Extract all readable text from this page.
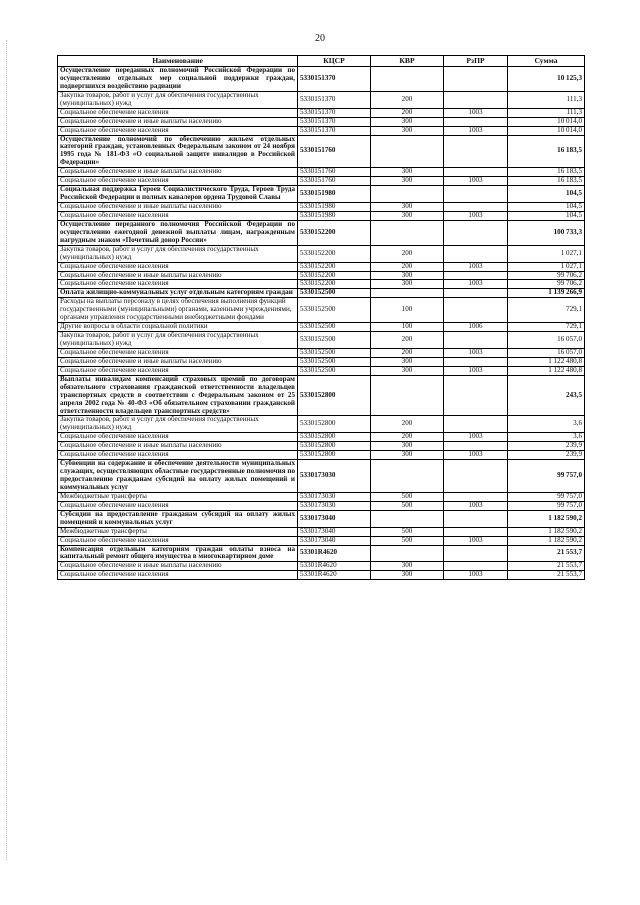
20
Наименование	КЦСР	КВР	РзПР	Сумма
Осуществление переданных полномочий Российской Федерации по осуществлению отдельных мер социальной поддержки граждан, подвергшихся воздействию радиации	5330151370			10 125,3
Закупка товаров, работ и услуг для обеспечения государственных (муниципальных) нужд	5330151370	200		111,3
Социальное обеспечение населения	5330151370	200	1003	111,3
Социальное обеспечение и иные выплаты населению	5330151370	300		10 014,0
Социальное обеспечение населения	5330151370	300	1003	10 014,0
Осуществление полномочий по обеспечению жильем отдельных категорий граждан, установленных Федеральным законом от 24 ноября 1995 года № 181-ФЗ «О социальной защите инвалидов в Российской Федерации»	5330151760			16 183,5
Социальное обеспечение и иные выплаты населению	5330151760	300		16 183,5
Социальное обеспечение населения	5330151760	300	1003	16 183,5
Социальная поддержка Героев Социалистического Труда, Героев Труда Российской Федерации и полных кавалеров ордена Трудовой Славы	5330151980			104,5
Социальное обеспечение и иные выплаты населению	5330151980	300		104,5
Социальное обеспечение населения	5330151980	300	1003	104,5
Осуществление переданного полномочия Российской Федерации по осуществлению ежегодной денежной выплаты лицам, награжденным нагрудным знаком «Почетный донор России»	5330152200			100 733,3
Закупка товаров, работ и услуг для обеспечения государственных (муниципальных) нужд	5330152200	200		1 027,1
Социальное обеспечение населения	5330152200	200	1003	1 027,1
Социальное обеспечение и иные выплаты населению	5330152200	300		99 706,2
Социальное обеспечение населения	5330152200	300	1003	99 706,2
Оплата жилищно-коммунальных услуг отдельным категориям граждан	5330152500			1 139 266,9
Расходы на выплаты персоналу в целях обеспечения выполнения функций государственными (муниципальными) органами, казенными учреждениями, органами управления государственными внебюджетными фондами	5330152500	100		729,1
Другие вопросы в области социальной политики	5330152500	100	1006	729,1
Закупка товаров, работ и услуг для обеспечения государственных (муниципальных) нужд	5330152500	200		16 057,0
Социальное обеспечение населения	5330152500	200	1003	16 057,0
Социальное обеспечение и иные выплаты населению	5330152500	300		1 122 480,8
Социальное обеспечение населения	5330152500	300	1003	1 122 480,8
Выплаты инвалидам компенсаций страховых премий по договорам обязательного страхования гражданской ответственности владельцев транспортных средств в соответствии с Федеральным законом от 25 апреля 2002 года № 40-ФЗ «Об обязательном страховании гражданской ответственности владельцев транспортных средств»	5330152800			243,5
Закупка товаров, работ и услуг для обеспечения государственных (муниципальных) нужд	5330152800	200		3,6
Социальное обеспечение населения	5330152800	200	1003	3,6
Социальное обеспечение и иные выплаты населению	5330152800	300		239,9
Социальное обеспечение населения	5330152800	300	1003	239,9
Субвенции на содержание и обеспечение деятельности муниципальных служащих, осуществляющих областные государственные полномочия по предоставлению гражданам субсидий на оплату жилых помещений и коммунальных услуг	5330173030			99 757,0
Межбюджетные трансферты	5330173030	500		99 757,0
Социальное обеспечение населения	5330173030	500	1003	99 757,0
Субсидии на предоставление гражданам субсидий на оплату жилых помещений и коммунальных услуг	5330173040			1 182 590,2
Межбюджетные трансферты	5330173040	500		1 182 590,2
Социальное обеспечение населения	5330173040	500	1003	1 182 590,2
Компенсация отдельным категориям граждан оплаты взноса на капитальный ремонт общего имущества в многоквартирном доме	53301R4620			21 553,7
Социальное обеспечение и иные выплаты населению	53301R4620	300		21 553,7
Социальное обеспечение населения	53301R4620	300	1003	21 553,7
